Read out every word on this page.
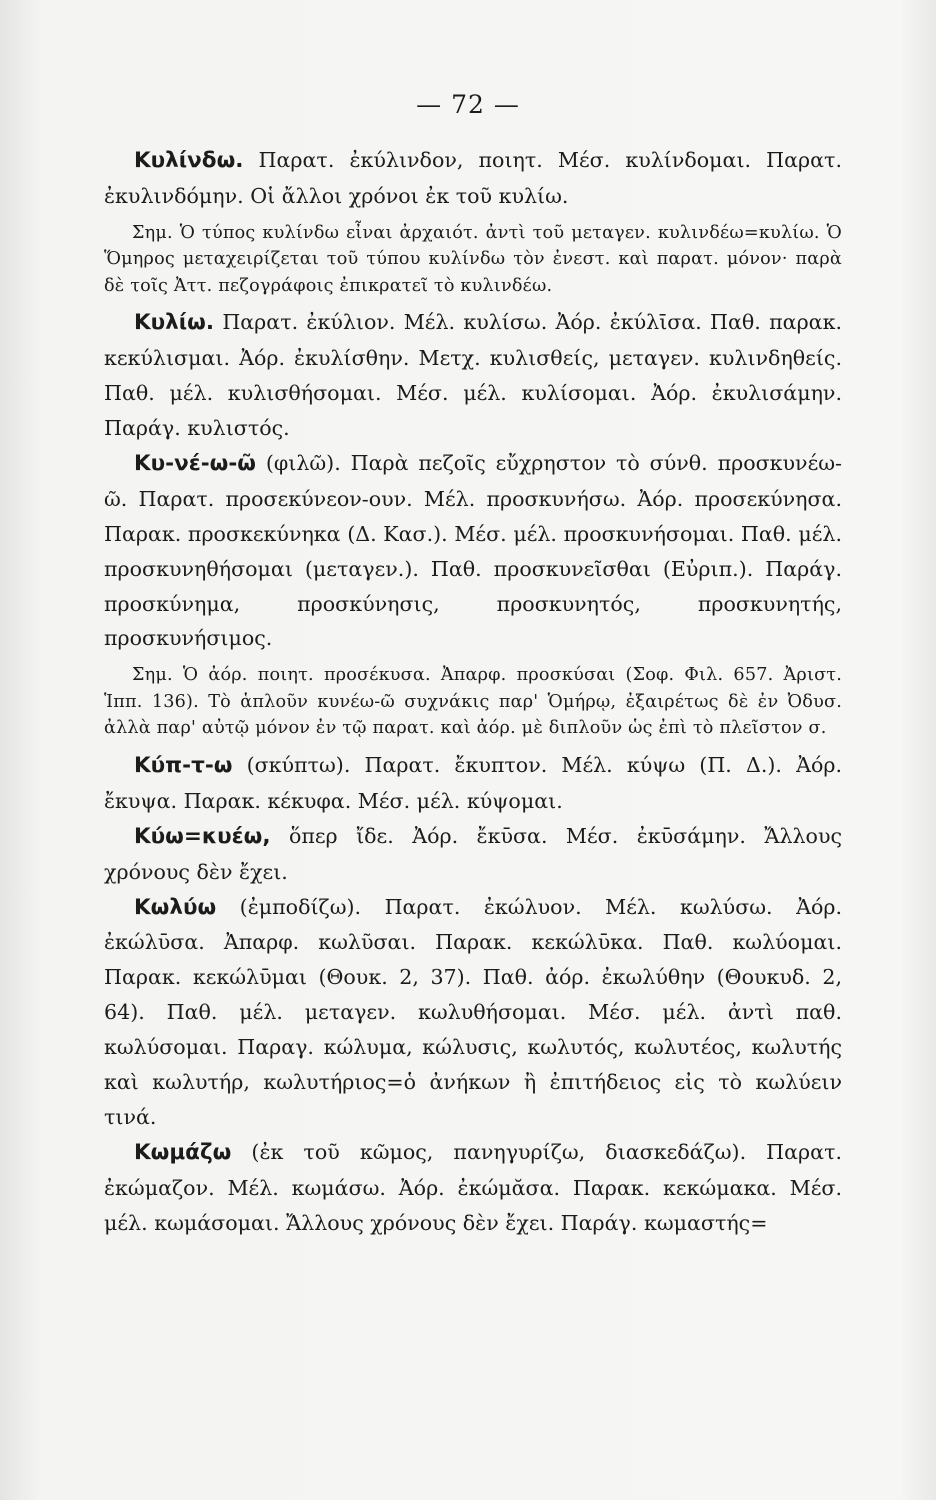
— 72 —

Κυλίνδω. Παρατ. ἐκύλινδον, ποιητ. Μέσ. κυλίνδομαι. Παρατ. ἐκυλινδόμην. Οἱ ἄλλοι χρόνοι ἐκ τοῦ κυλίω.

Σημ. Ὁ τύπος κυλίνδω εἶναι ἀρχαιότ. ἀντὶ τοῦ μεταγεν. κυλινδέω=κυλίω. Ὁ Ὅμηρος μεταχειρίζεται τοῦ τύπου κυλίνδω τὸν ἐνεστ. καὶ παρατ. μόνον· παρὰ δὲ τοῖς Ἀττ. πεζογράφοις ἐπικρατεῖ τὸ κυλινδέω.

Κυλίω. Παρατ. ἐκύλιον. Μέλ. κυλίσω. Ἀόρ. ἐκύλῑσα. Παθ. παρακ. κεκύλισμαι. Ἀόρ. ἐκυλίσθην. Μετχ. κυλισθείς, μεταγεν. κυλινδηθείς. Παθ. μέλ. κυλισθήσομαι. Μέσ. μέλ. κυλίσομαι. Ἀόρ. ἐκυλισάμην. Παράγ. κυλιστός.

Κυ-νέ-ω-ῶ (φιλῶ). Παρὰ πεζοῖς εὔχρηστον τὸ σύνθ. προσκυνέω-ῶ. Παρατ. προσεκύνεον-ουν. Μέλ. προσκυνήσω. Ἀόρ. προσεκύνησα. Παρακ. προσκεκύνηκα (Δ. Κασ.). Μέσ. μέλ. προσκυνήσομαι. Παθ. μέλ. προσκυνηθήσομαι (μεταγεν.). Παθ. προσκυνεῖσθαι (Εὐριπ.). Παράγ. προσκύνημα, προσκύνησις, προσκυνητός, προσκυνητής, προσκυνήσιμος.

Σημ. Ὁ ἀόρ. ποιητ. προσέκυσα. Ἀπαρφ. προσκύσαι (Σοφ. Φιλ. 657. Ἀριστ. Ἱππ. 136). Τὸ ἁπλοῦν κυνέω-ῶ συχνάκις παρ' Ὁμήρῳ, ἐξαιρέτως δὲ ἐν Ὀδυσ. ἀλλὰ παρ' αὐτῷ μόνον ἐν τῷ παρατ. καὶ ἀόρ. μὲ διπλοῦν ὡς ἐπὶ τὸ πλεῖστον σ.

Κύπ-τ-ω (σκύπτω). Παρατ. ἔκυπτον. Μέλ. κύψω (Π. Δ.). Ἀόρ. ἔκυψα. Παρακ. κέκυφα. Μέσ. μέλ. κύψομαι.

Κύω=κυέω, ὅπερ ἴδε. Ἀόρ. ἔκῡσα. Μέσ. ἐκῡσάμην. Ἄλλους χρόνους δὲν ἔχει.

Κωλύω (ἐμποδίζω). Παρατ. ἐκώλυον. Μέλ. κωλύσω. Ἀόρ. ἐκώλῡσα. Ἀπαρφ. κωλῦσαι. Παρακ. κεκώλῡκα. Παθ. κωλύομαι. Παρακ. κεκώλῡμαι (Θουκ. 2, 37). Παθ. ἀόρ. ἐκωλύθην (Θουκυδ. 2, 64). Παθ. μέλ. μεταγεν. κωλυθήσομαι. Μέσ. μέλ. ἀντὶ παθ. κωλύσομαι. Παραγ. κώλυμα, κώλυσις, κωλυτός, κωλυτέος, κωλυτής καὶ κωλυτήρ, κωλυτήριος=ὁ ἀνήκων ἢ ἐπιτήδειος εἰς τὸ κωλύειν τινά.

Κωμάζω (ἐκ τοῦ κῶμος, πανηγυρίζω, διασκεδάζω). Παρατ. ἐκώμαζον. Μέλ. κωμάσω. Ἀόρ. ἐκώμᾰσα. Παρακ. κεκώμακα. Μέσ. μέλ. κωμάσομαι. Ἄλλους χρόνους δὲν ἔχει. Παράγ. κωμαστής=
